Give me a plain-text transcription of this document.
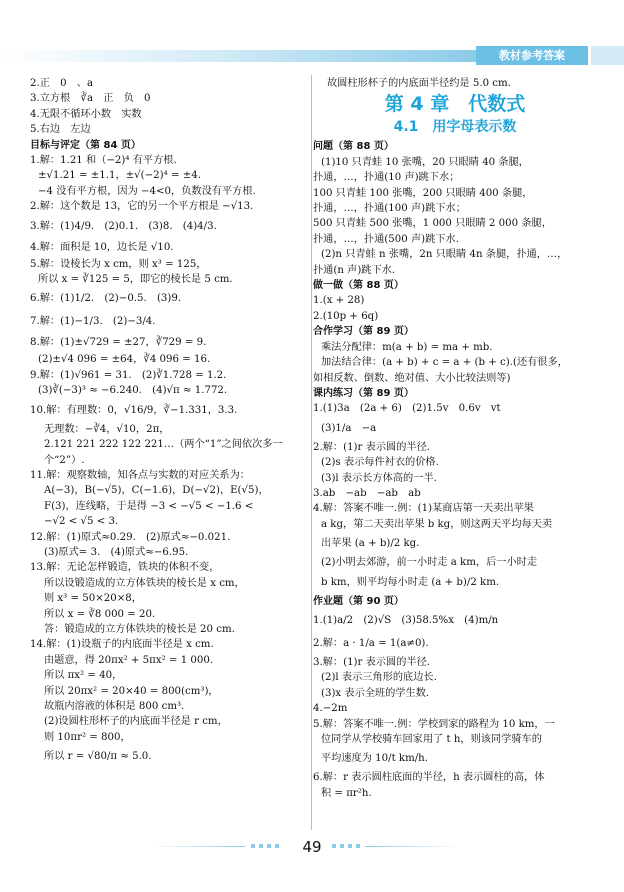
教材参考答案
2.正　0　、a
3.立方根　∛a　正　负　0
4.无限不循环小数　实数
5.右边　左边
目标与评定（第 84 页）
1.解：1.21 和（−2)⁴ 有平方根.
±√1.21 = ±1.1，±√(−2)⁴ = ±4.
−4 没有平方根，因为 −4<0，负数没有平方根.
2.解：这个数是 13，它的另一个平方根是 −√13.
3.解：(1)4/9.　(2)0.1.　(3)8.　(4)4/3.
4.解：面积是 10，边长是 √10.
5.解：设棱长为 x cm，则 x³ = 125，
所以 x = ∛125 = 5，即它的棱长是 5 cm.
6.解：(1)1/2.　(2)−0.5.　(3)9.
7.解：(1)−1/3.　(2)−3/4.
8.解：(1)±√729 = ±27，∛729 = 9.
(2)±√4 096 = ±64，∛4 096 = 16.
9.解：(1)√961 = 31.　(2)∛1.728 = 1.2.
(3)∛(−3)³ ≈ −6.240.　(4)√π ≈ 1.772.
10.解：有理数：0，√16/9，∛−1.331，3.3.
无理数：−∛4，√10，2π，
2.121 221 222 122 221…（两个“1”之间依次多一
个“2”）.
11.解：观察数轴，知各点与实数的对应关系为：
A(−3)，B(−√5)，C(−1.6)，D(−√2)，E(√5)，
F(3)，连线略，于是得 −3 < −√5 < −1.6 <
−√2 < √5 < 3.
12.解：(1)原式≈0.29.　(2)原式≈−0.021.
(3)原式= 3.　(4)原式≈−6.95.
13.解：无论怎样锻造，铁块的体积不变，
所以设锻造成的立方体铁块的棱长是 x cm，
则 x³ = 50×20×8，
所以 x = ∛8 000 = 20.
答：锻造成的立方体铁块的棱长是 20 cm.
14.解：(1)设瓶子的内底面半径是 x cm.
由题意，得 20πx² + 5πx² = 1 000.
所以 πx² = 40，
所以 20πx² = 20×40 = 800(cm³)，
故瓶内溶液的体积是 800 cm³.
(2)设圆柱形杯子的内底面半径是 r cm，
则 10πr² = 800，
所以 r = √80/π ≈ 5.0.
故圆柱形杯子的内底面半径约是 5.0 cm.
第 4 章　代数式
4.1　用字母表示数
问题（第 88 页）
(1)10 只青蛙 10 张嘴，20 只眼睛 40 条腿，
扑通，…，扑通(10 声)跳下水；
100 只青蛙 100 张嘴，200 只眼睛 400 条腿，
扑通，…，扑通(100 声)跳下水；
500 只青蛙 500 张嘴，1 000 只眼睛 2 000 条腿，
扑通，…，扑通(500 声)跳下水.
(2)n 只青蛙 n 张嘴，2n 只眼睛 4n 条腿，扑通，…，
扑通(n 声)跳下水.
做一做（第 88 页）
1.(x + 28)
2.(10p + 6q)
合作学习（第 89 页）
乘法分配律：m(a + b) = ma + mb.
加法结合律：(a + b) + c = a + (b + c).(还有很多，
如相反数、倒数、绝对值、大小比较法则等)
课内练习（第 89 页）
1.(1)3a　(2a + 6)　(2)1.5v　0.6v　vt
(3)1/a　−a
2.解：(1)r 表示圆的半径.
(2)s 表示每件衬衣的价格.
(3)l 表示长方体高的一半.
3.ab　−ab　−ab　ab
4.解：答案不唯一.例：(1)某商店第一天卖出苹果
a kg，第二天卖出苹果 b kg，则这两天平均每天卖
出苹果 (a + b)/2 kg.
(2)小明去郊游，前一小时走 a km，后一小时走
b km，则平均每小时走 (a + b)/2 km.
作业题（第 90 页）
1.(1)a/2　(2)√S　(3)58.5%x　(4)m/n
2.解：a · 1/a = 1(a≠0).
3.解：(1)r 表示圆的半径.
(2)l 表示三角形的底边长.
(3)x 表示全班的学生数.
4.−2m
5.解：答案不唯一.例：学校到家的路程为 10 km，一
位同学从学校骑车回家用了 t h，则该同学骑车的
平均速度为 10/t km/h.
6.解：r 表示圆柱底面的半径，h 表示圆柱的高，体
积 = πr²h.
49
